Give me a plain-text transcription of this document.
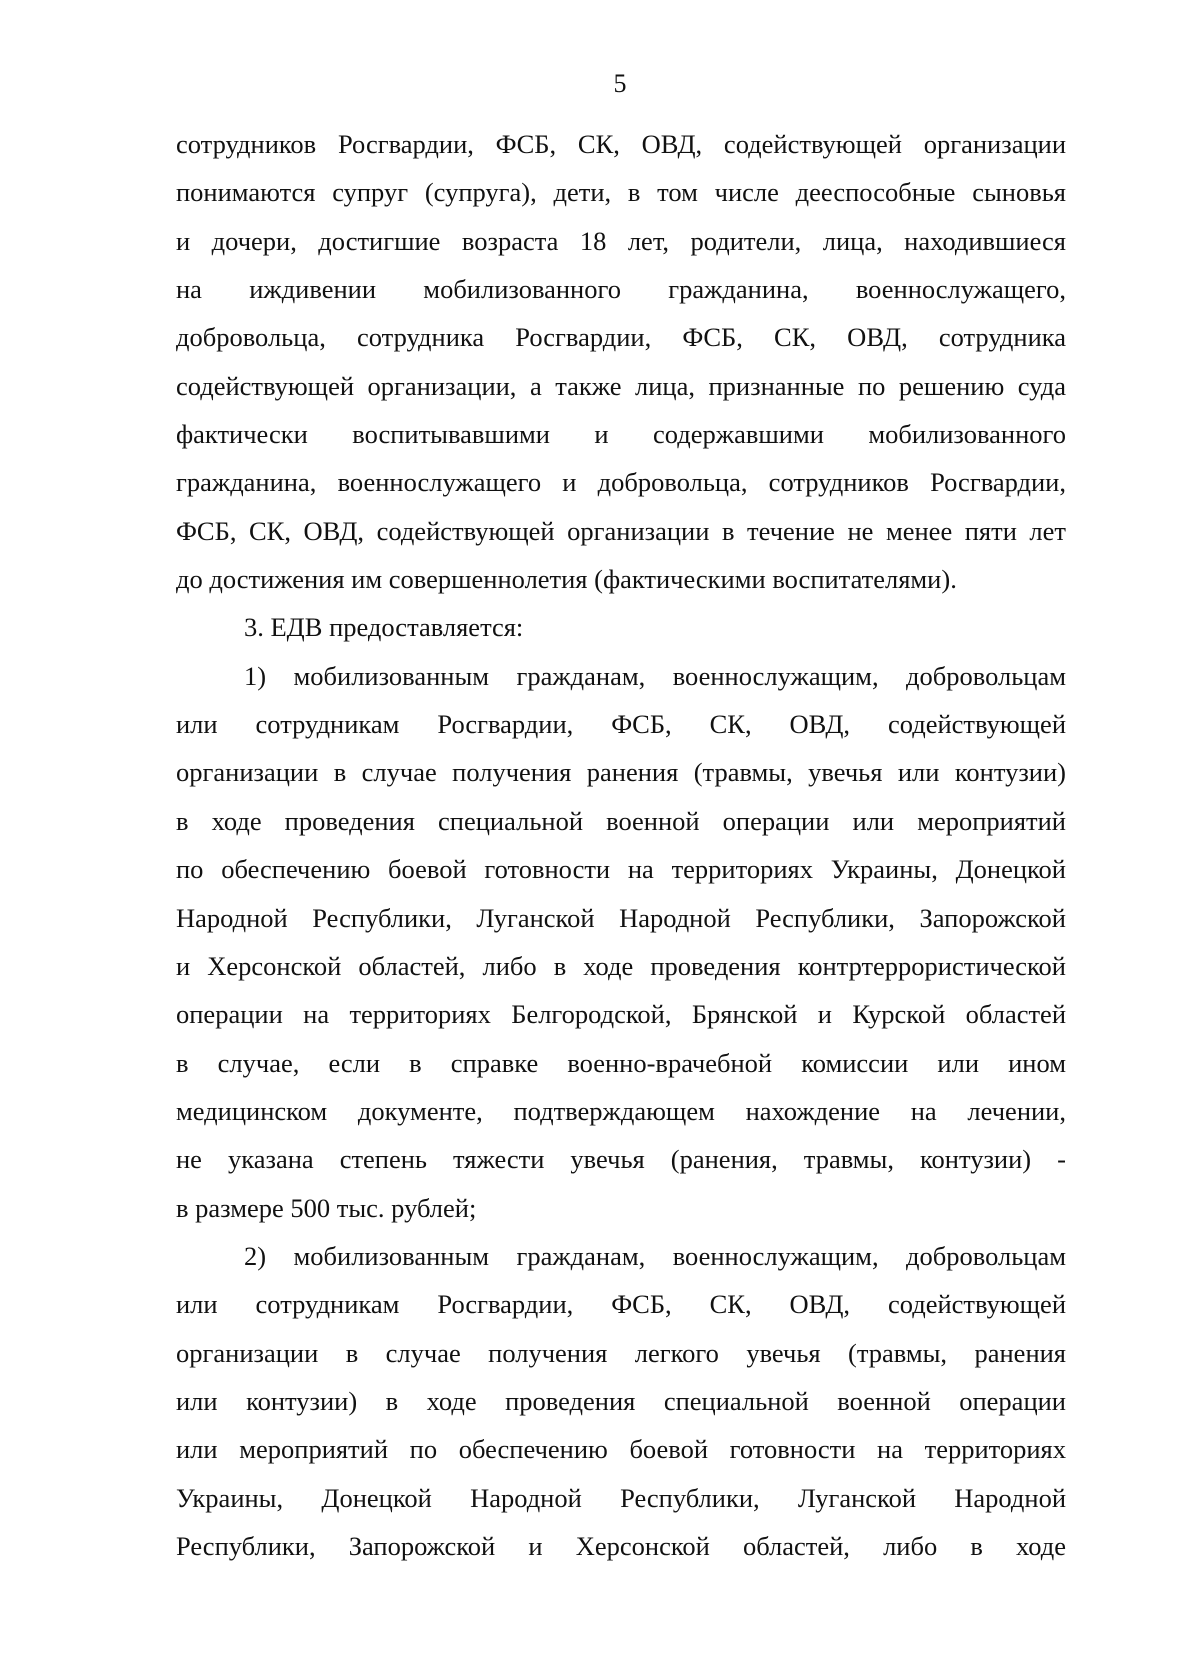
5
сотрудников Росгвардии, ФСБ, СК, ОВД, содействующей организации
понимаются супруг (супруга), дети, в том числе дееспособные сыновья
и дочери, достигшие возраста 18 лет, родители, лица, находившиеся
на иждивении мобилизованного гражданина, военнослужащего,
добровольца, сотрудника Росгвардии, ФСБ, СК, ОВД, сотрудника
содействующей организации, а также лица, признанные по решению суда
фактически воспитывавшими и содержавшими мобилизованного
гражданина, военнослужащего и добровольца, сотрудников Росгвардии,
ФСБ, СК, ОВД, содействующей организации в течение не менее пяти лет
до достижения им совершеннолетия (фактическими воспитателями).
3. ЕДВ предоставляется:
1) мобилизованным гражданам, военнослужащим, добровольцам
или сотрудникам Росгвардии, ФСБ, СК, ОВД, содействующей
организации в случае получения ранения (травмы, увечья или контузии)
в ходе проведения специальной военной операции или мероприятий
по обеспечению боевой готовности на территориях Украины, Донецкой
Народной Республики, Луганской Народной Республики, Запорожской
и Херсонской областей, либо в ходе проведения контртеррористической
операции на территориях Белгородской, Брянской и Курской областей
в случае, если в справке военно-врачебной комиссии или ином
медицинском документе, подтверждающем нахождение на лечении,
не указана степень тяжести увечья (ранения, травмы, контузии) -
в размере 500 тыс. рублей;
2) мобилизованным гражданам, военнослужащим, добровольцам
или сотрудникам Росгвардии, ФСБ, СК, ОВД, содействующей
организации в случае получения легкого увечья (травмы, ранения
или контузии) в ходе проведения специальной военной операции
или мероприятий по обеспечению боевой готовности на территориях
Украины, Донецкой Народной Республики, Луганской Народной
Республики, Запорожской и Херсонской областей, либо в ходе
